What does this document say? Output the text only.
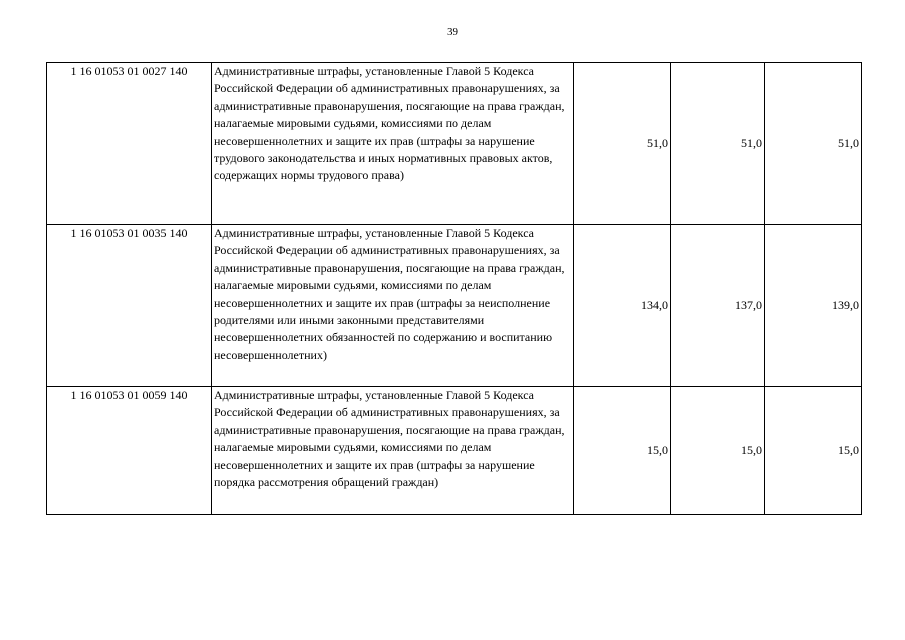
39
1 16 01053 01 0027 140	Административные штрафы, установленные Главой 5 Кодекса Российской Федерации об административных правонарушениях, за административные правонарушения, посягающие на права граждан, налагаемые мировыми судьями, комиссиями по делам несовершеннолетних и защите их прав (штрафы за нарушение трудового законодательства и иных нормативных правовых актов, содержащих нормы трудового права)	51,0	51,0	51,0
1 16 01053 01 0035 140	Административные штрафы, установленные Главой 5 Кодекса Российской Федерации об административных правонарушениях, за административные правонарушения, посягающие на права граждан, налагаемые мировыми судьями, комиссиями по делам несовершеннолетних и защите их прав (штрафы за неисполнение родителями или иными законными представителями несовершеннолетних обязанностей по содержанию и воспитанию несовершеннолетних)	134,0	137,0	139,0
1 16 01053 01 0059 140	Административные штрафы, установленные Главой 5 Кодекса Российской Федерации об административных правонарушениях, за административные правонарушения, посягающие на права граждан, налагаемые мировыми судьями, комиссиями по делам несовершеннолетних и защите их прав (штрафы за нарушение порядка рассмотрения обращений граждан)	15,0	15,0	15,0
